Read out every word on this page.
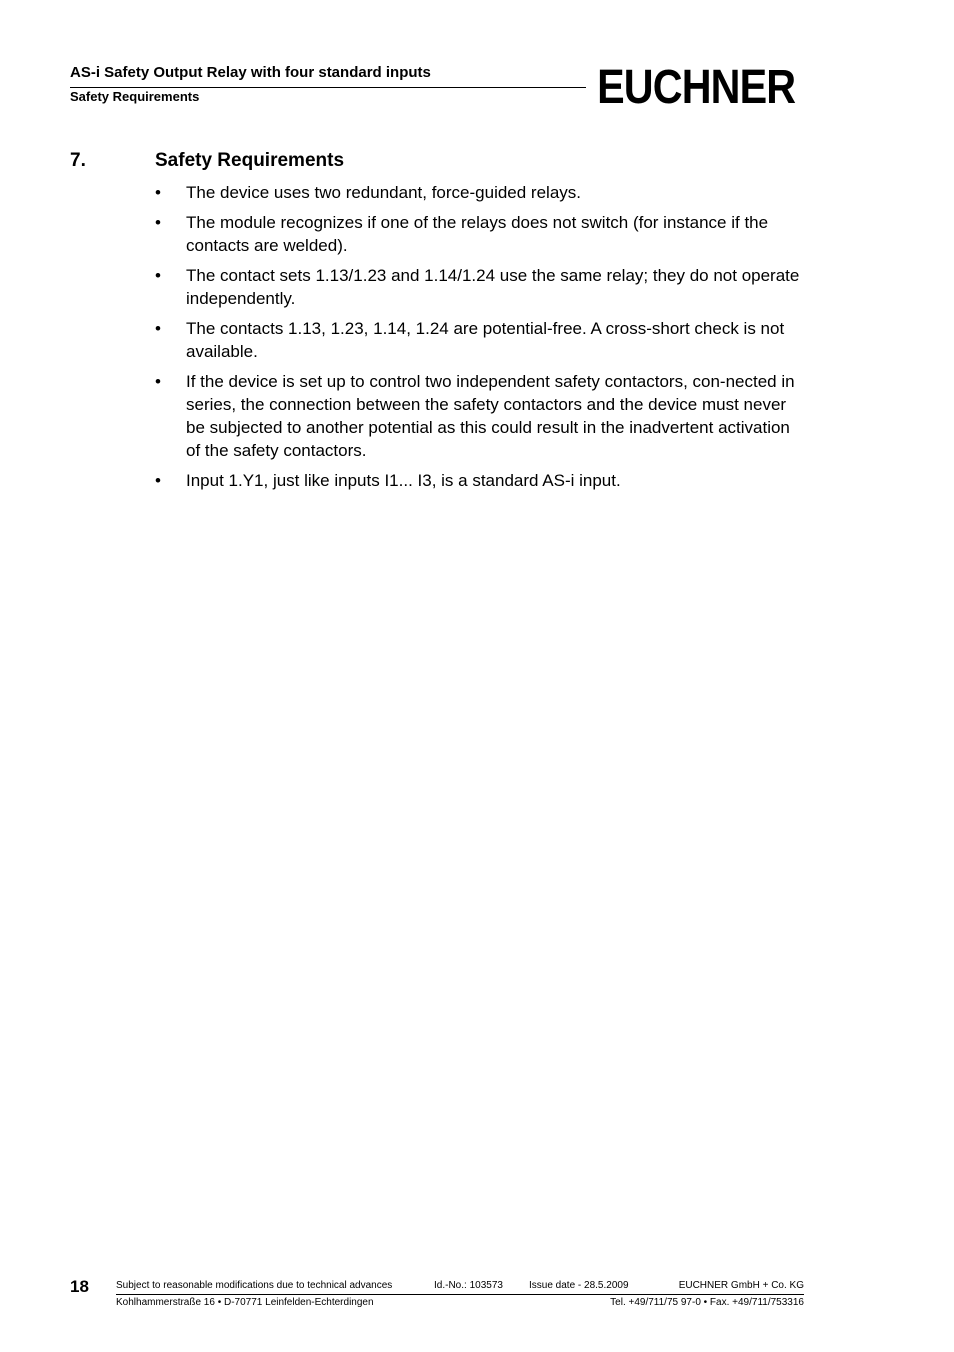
AS-i Safety Output Relay with four standard inputs
Safety Requirements	EUCHNER
7.	Safety Requirements
• The device uses two redundant, force-guided relays.
• The module recognizes if one of the relays does not switch (for instance if the contacts are welded).
• The contact sets 1.13/1.23 and 1.14/1.24 use the same relay; they do not operate independently.
• The contacts 1.13, 1.23, 1.14, 1.24 are potential-free. A cross-short check is not available.
• If the device is set up to control two independent safety contactors, con-nected in series, the connection between the safety contactors and the device must never be subjected to another potential as this could result in the inadvertent activation of the safety contactors.
• Input 1.Y1, just like inputs I1... I3, is a standard AS-i input.
18	Subject to reasonable modifications due to technical advances	Id.-No.: 103573	Issue date - 28.5.2009	EUCHNER GmbH + Co. KG
Kohlhammerstraße 16 • D-70771 Leinfelden-Echterdingen	Tel. +49/711/75 97-0 • Fax. +49/711/753316
